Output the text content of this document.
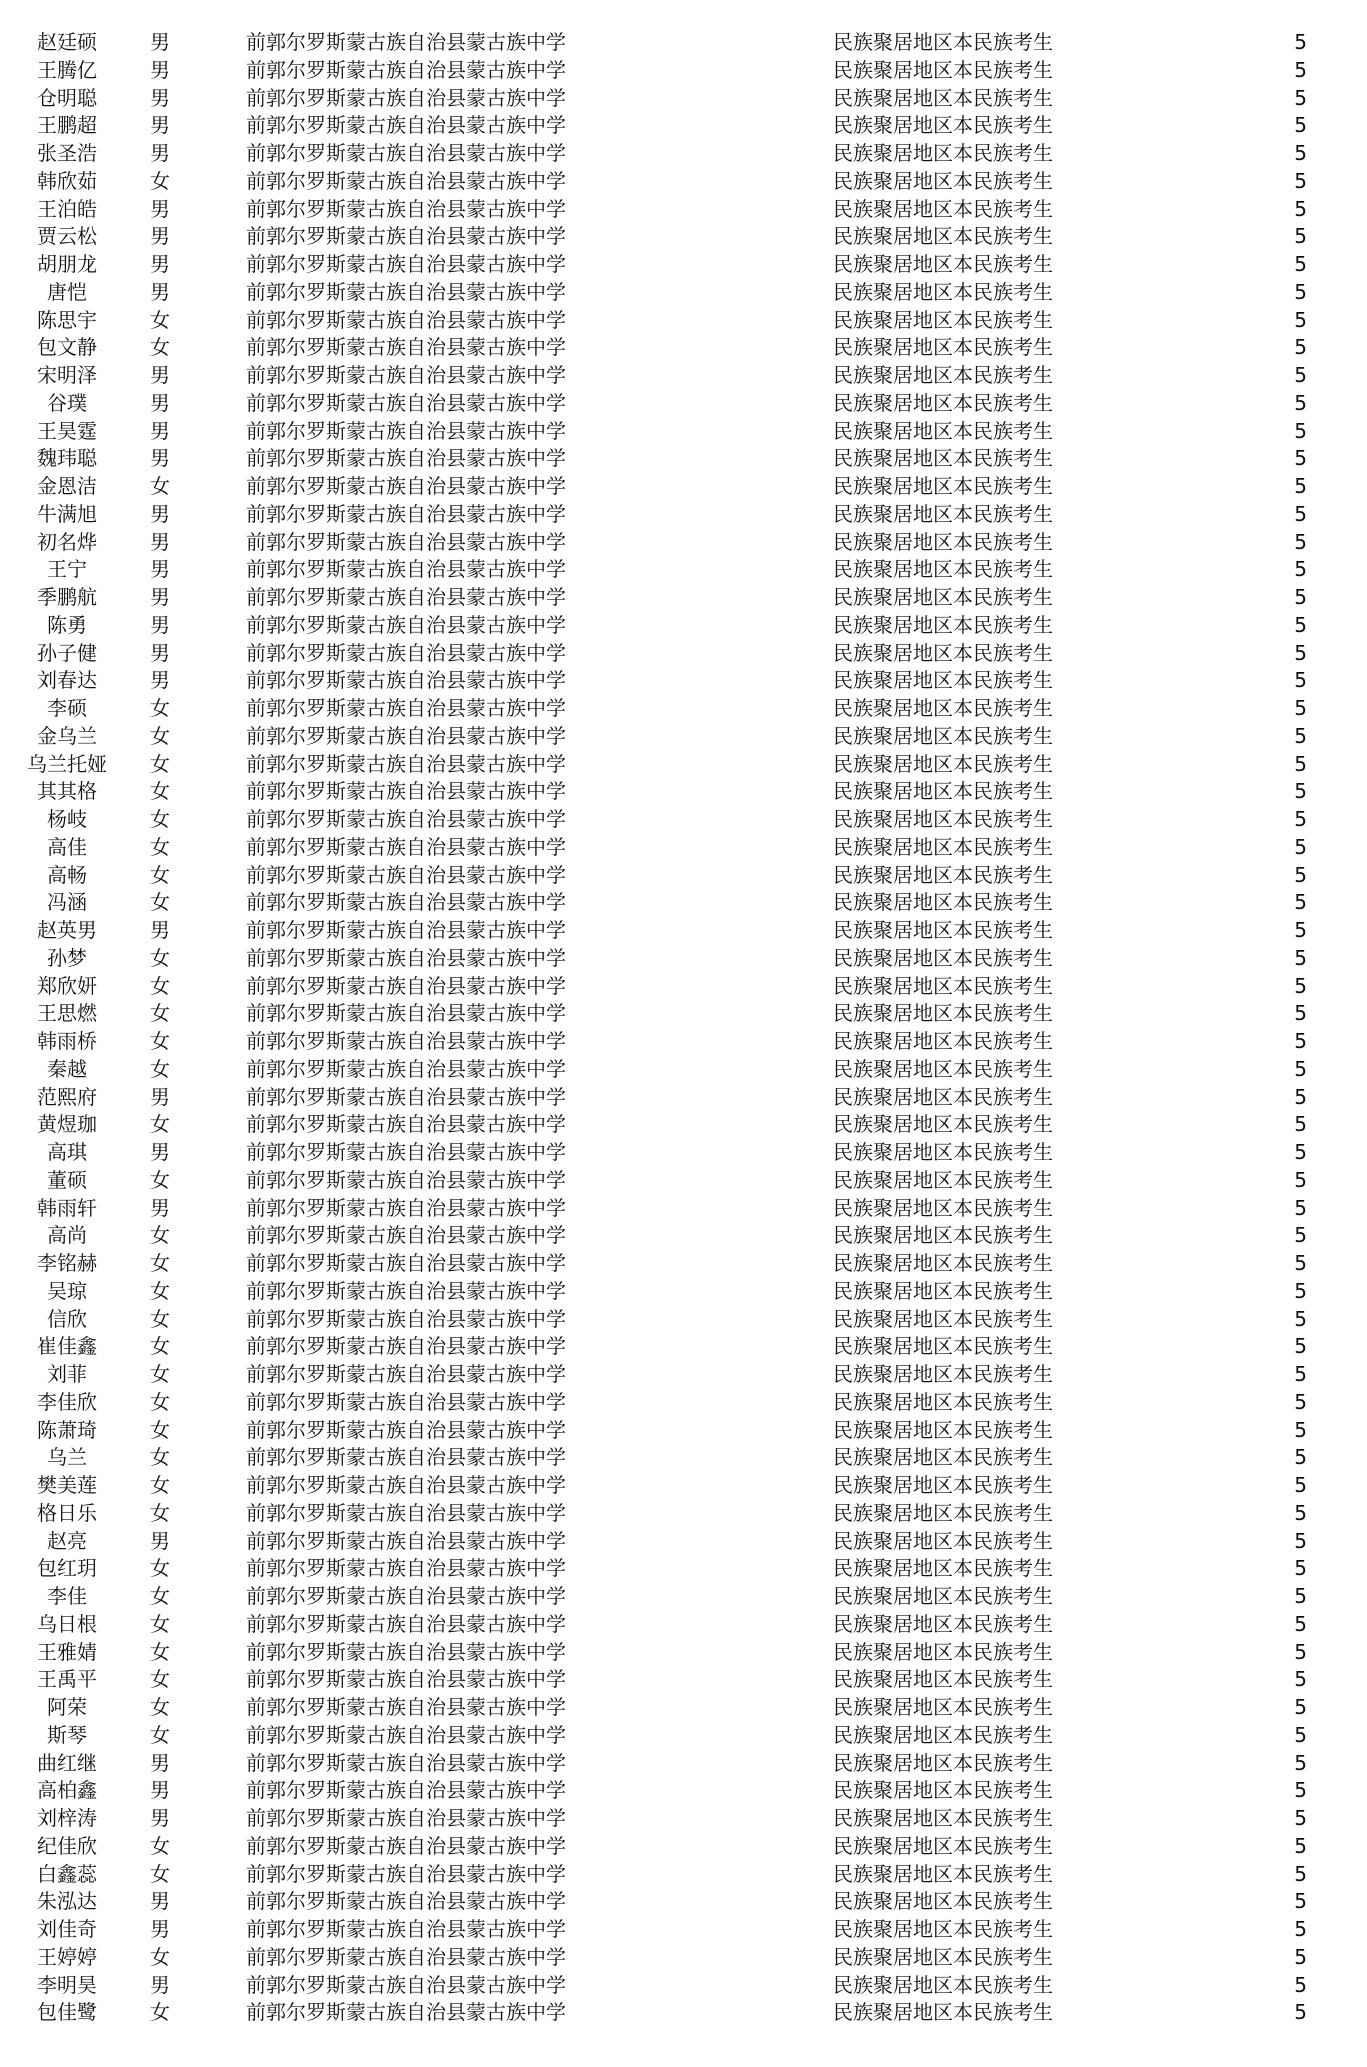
赵廷硕	男	前郭尔罗斯蒙古族自治县蒙古族中学	民族聚居地区本民族考生	5
王腾亿	男	前郭尔罗斯蒙古族自治县蒙古族中学	民族聚居地区本民族考生	5
仓明聪	男	前郭尔罗斯蒙古族自治县蒙古族中学	民族聚居地区本民族考生	5
王鹏超	男	前郭尔罗斯蒙古族自治县蒙古族中学	民族聚居地区本民族考生	5
张圣浩	男	前郭尔罗斯蒙古族自治县蒙古族中学	民族聚居地区本民族考生	5
韩欣茹	女	前郭尔罗斯蒙古族自治县蒙古族中学	民族聚居地区本民族考生	5
王泊皓	男	前郭尔罗斯蒙古族自治县蒙古族中学	民族聚居地区本民族考生	5
贾云松	男	前郭尔罗斯蒙古族自治县蒙古族中学	民族聚居地区本民族考生	5
胡朋龙	男	前郭尔罗斯蒙古族自治县蒙古族中学	民族聚居地区本民族考生	5
唐恺	男	前郭尔罗斯蒙古族自治县蒙古族中学	民族聚居地区本民族考生	5
陈思宇	女	前郭尔罗斯蒙古族自治县蒙古族中学	民族聚居地区本民族考生	5
包文静	女	前郭尔罗斯蒙古族自治县蒙古族中学	民族聚居地区本民族考生	5
宋明泽	男	前郭尔罗斯蒙古族自治县蒙古族中学	民族聚居地区本民族考生	5
谷璞	男	前郭尔罗斯蒙古族自治县蒙古族中学	民族聚居地区本民族考生	5
王昊霆	男	前郭尔罗斯蒙古族自治县蒙古族中学	民族聚居地区本民族考生	5
魏玮聪	男	前郭尔罗斯蒙古族自治县蒙古族中学	民族聚居地区本民族考生	5
金恩洁	女	前郭尔罗斯蒙古族自治县蒙古族中学	民族聚居地区本民族考生	5
牛满旭	男	前郭尔罗斯蒙古族自治县蒙古族中学	民族聚居地区本民族考生	5
初名烨	男	前郭尔罗斯蒙古族自治县蒙古族中学	民族聚居地区本民族考生	5
王宁	男	前郭尔罗斯蒙古族自治县蒙古族中学	民族聚居地区本民族考生	5
季鹏航	男	前郭尔罗斯蒙古族自治县蒙古族中学	民族聚居地区本民族考生	5
陈勇	男	前郭尔罗斯蒙古族自治县蒙古族中学	民族聚居地区本民族考生	5
孙子健	男	前郭尔罗斯蒙古族自治县蒙古族中学	民族聚居地区本民族考生	5
刘春达	男	前郭尔罗斯蒙古族自治县蒙古族中学	民族聚居地区本民族考生	5
李硕	女	前郭尔罗斯蒙古族自治县蒙古族中学	民族聚居地区本民族考生	5
金乌兰	女	前郭尔罗斯蒙古族自治县蒙古族中学	民族聚居地区本民族考生	5
乌兰托娅	女	前郭尔罗斯蒙古族自治县蒙古族中学	民族聚居地区本民族考生	5
其其格	女	前郭尔罗斯蒙古族自治县蒙古族中学	民族聚居地区本民族考生	5
杨岐	女	前郭尔罗斯蒙古族自治县蒙古族中学	民族聚居地区本民族考生	5
高佳	女	前郭尔罗斯蒙古族自治县蒙古族中学	民族聚居地区本民族考生	5
高畅	女	前郭尔罗斯蒙古族自治县蒙古族中学	民族聚居地区本民族考生	5
冯涵	女	前郭尔罗斯蒙古族自治县蒙古族中学	民族聚居地区本民族考生	5
赵英男	男	前郭尔罗斯蒙古族自治县蒙古族中学	民族聚居地区本民族考生	5
孙梦	女	前郭尔罗斯蒙古族自治县蒙古族中学	民族聚居地区本民族考生	5
郑欣妍	女	前郭尔罗斯蒙古族自治县蒙古族中学	民族聚居地区本民族考生	5
王思燃	女	前郭尔罗斯蒙古族自治县蒙古族中学	民族聚居地区本民族考生	5
韩雨桥	女	前郭尔罗斯蒙古族自治县蒙古族中学	民族聚居地区本民族考生	5
秦越	女	前郭尔罗斯蒙古族自治县蒙古族中学	民族聚居地区本民族考生	5
范熙府	男	前郭尔罗斯蒙古族自治县蒙古族中学	民族聚居地区本民族考生	5
黄煜珈	女	前郭尔罗斯蒙古族自治县蒙古族中学	民族聚居地区本民族考生	5
高琪	男	前郭尔罗斯蒙古族自治县蒙古族中学	民族聚居地区本民族考生	5
董硕	女	前郭尔罗斯蒙古族自治县蒙古族中学	民族聚居地区本民族考生	5
韩雨轩	男	前郭尔罗斯蒙古族自治县蒙古族中学	民族聚居地区本民族考生	5
高尚	女	前郭尔罗斯蒙古族自治县蒙古族中学	民族聚居地区本民族考生	5
李铭赫	女	前郭尔罗斯蒙古族自治县蒙古族中学	民族聚居地区本民族考生	5
吴琼	女	前郭尔罗斯蒙古族自治县蒙古族中学	民族聚居地区本民族考生	5
信欣	女	前郭尔罗斯蒙古族自治县蒙古族中学	民族聚居地区本民族考生	5
崔佳鑫	女	前郭尔罗斯蒙古族自治县蒙古族中学	民族聚居地区本民族考生	5
刘菲	女	前郭尔罗斯蒙古族自治县蒙古族中学	民族聚居地区本民族考生	5
李佳欣	女	前郭尔罗斯蒙古族自治县蒙古族中学	民族聚居地区本民族考生	5
陈萧琦	女	前郭尔罗斯蒙古族自治县蒙古族中学	民族聚居地区本民族考生	5
乌兰	女	前郭尔罗斯蒙古族自治县蒙古族中学	民族聚居地区本民族考生	5
樊美莲	女	前郭尔罗斯蒙古族自治县蒙古族中学	民族聚居地区本民族考生	5
格日乐	女	前郭尔罗斯蒙古族自治县蒙古族中学	民族聚居地区本民族考生	5
赵亮	男	前郭尔罗斯蒙古族自治县蒙古族中学	民族聚居地区本民族考生	5
包红玥	女	前郭尔罗斯蒙古族自治县蒙古族中学	民族聚居地区本民族考生	5
李佳	女	前郭尔罗斯蒙古族自治县蒙古族中学	民族聚居地区本民族考生	5
乌日根	女	前郭尔罗斯蒙古族自治县蒙古族中学	民族聚居地区本民族考生	5
王雅婧	女	前郭尔罗斯蒙古族自治县蒙古族中学	民族聚居地区本民族考生	5
王禹平	女	前郭尔罗斯蒙古族自治县蒙古族中学	民族聚居地区本民族考生	5
阿荣	女	前郭尔罗斯蒙古族自治县蒙古族中学	民族聚居地区本民族考生	5
斯琴	女	前郭尔罗斯蒙古族自治县蒙古族中学	民族聚居地区本民族考生	5
曲红继	男	前郭尔罗斯蒙古族自治县蒙古族中学	民族聚居地区本民族考生	5
高柏鑫	男	前郭尔罗斯蒙古族自治县蒙古族中学	民族聚居地区本民族考生	5
刘梓涛	男	前郭尔罗斯蒙古族自治县蒙古族中学	民族聚居地区本民族考生	5
纪佳欣	女	前郭尔罗斯蒙古族自治县蒙古族中学	民族聚居地区本民族考生	5
白鑫蕊	女	前郭尔罗斯蒙古族自治县蒙古族中学	民族聚居地区本民族考生	5
朱泓达	男	前郭尔罗斯蒙古族自治县蒙古族中学	民族聚居地区本民族考生	5
刘佳奇	男	前郭尔罗斯蒙古族自治县蒙古族中学	民族聚居地区本民族考生	5
王婷婷	女	前郭尔罗斯蒙古族自治县蒙古族中学	民族聚居地区本民族考生	5
李明昊	男	前郭尔罗斯蒙古族自治县蒙古族中学	民族聚居地区本民族考生	5
包佳鹭	女	前郭尔罗斯蒙古族自治县蒙古族中学	民族聚居地区本民族考生	5
